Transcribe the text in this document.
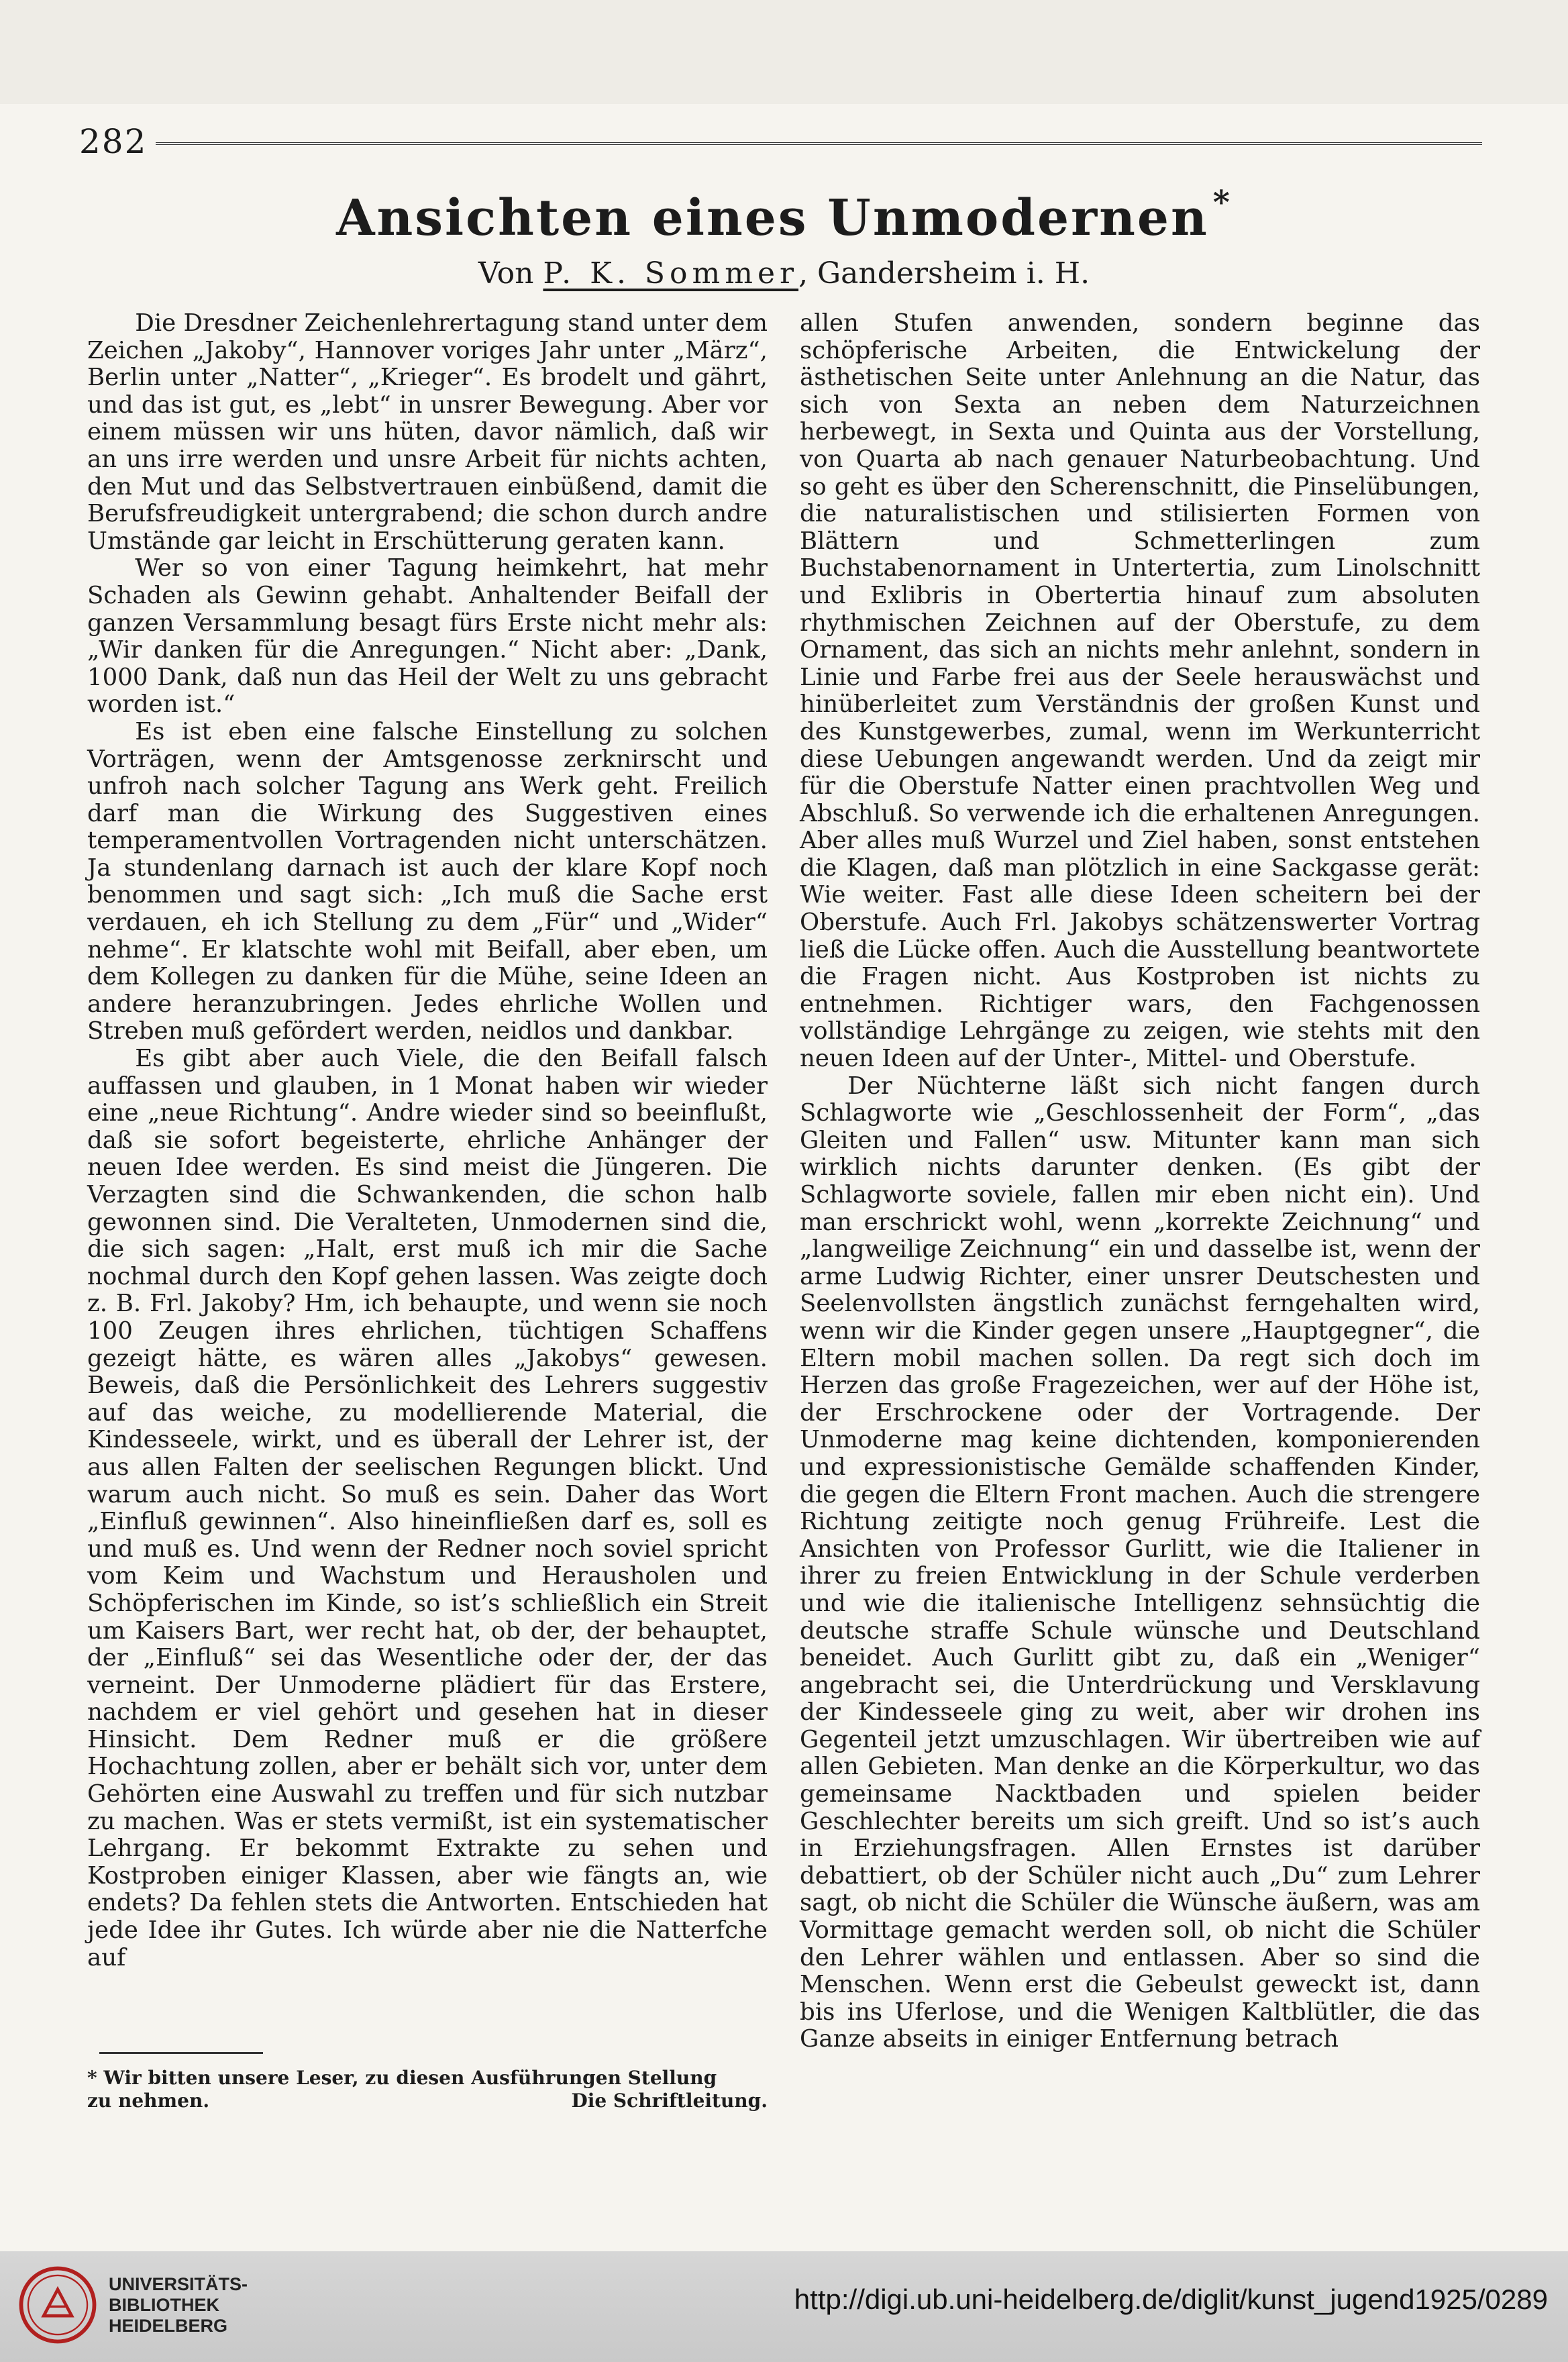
282
Ansichten eines Unmodernen *
Von P. K. Sommer, Gandersheim i. H.

Die Dresdner Zeichenlehrertagung stand unter dem Zeichen „Jakoby“, Hannover voriges Jahr unter „März“, Berlin unter „Natter“, „Krieger“. Es brodelt und gährt, und das ist gut, es „lebt“ in unsrer Bewegung. Aber vor einem müssen wir uns hüten, davor nämlich, daß wir an uns irre werden und unsre Arbeit für nichts achten, den Mut und das Selbstvertrauen einbüßend, damit die Berufsfreudigkeit untergrabend; die schon durch andre Umstände gar leicht in Erschütterung geraten kann.

Wer so von einer Tagung heimkehrt, hat mehr Schaden als Gewinn gehabt. Anhaltender Beifall der ganzen Versammlung besagt fürs Erste nicht mehr als: „Wir danken für die Anregungen.“ Nicht aber: „Dank, 1000 Dank, daß nun das Heil der Welt zu uns gebracht worden ist.“

Es ist eben eine falsche Einstellung zu solchen Vorträgen, wenn der Amtsgenosse zerknirscht und unfroh nach solcher Tagung ans Werk geht. Freilich darf man die Wirkung des Suggestiven eines temperamentvollen Vortragenden nicht unterschätzen. Ja stundenlang darnach ist auch der klare Kopf noch benommen und sagt sich: „Ich muß die Sache erst verdauen, eh ich Stellung zu dem „Für“ und „Wider“ nehme“. Er klatschte wohl mit Beifall, aber eben, um dem Kollegen zu danken für die Mühe, seine Ideen an andere heranzubringen. Jedes ehrliche Wollen und Streben muß gefördert werden, neidlos und dankbar.

Es gibt aber auch Viele, die den Beifall falsch auffassen und glauben, in 1 Monat haben wir wieder eine „neue Richtung“. Andre wieder sind so beeinflußt, daß sie sofort begeisterte, ehrliche Anhänger der neuen Idee werden. Es sind meist die Jüngeren. Die Verzagten sind die Schwankenden, die schon halb gewonnen sind. Die Veralteten, Unmodernen sind die, die sich sagen: „Halt, erst muß ich mir die Sache nochmal durch den Kopf gehen lassen. Was zeigte doch z. B. Frl. Jakoby? Hm, ich behaupte, und wenn sie noch 100 Zeugen ihres ehrlichen, tüchtigen Schaffens gezeigt hätte, es wären alles „Jakobys“ gewesen. Beweis, daß die Persönlichkeit des Lehrers suggestiv auf das weiche, zu modellierende Material, die Kindesseele, wirkt, und es überall der Lehrer ist, der aus allen Falten der seelischen Regungen blickt. Und warum auch nicht. So muß es sein. Daher das Wort „Einfluß gewinnen“. Also hineinfließen darf es, soll es und muß es. Und wenn der Redner noch soviel spricht vom Keim und Wachstum und Herausholen und Schöpferischen im Kinde, so ist’s schließlich ein Streit um Kaisers Bart, wer recht hat, ob der, der behauptet, der „Einfluß“ sei das Wesentliche oder der, der das verneint. Der Unmoderne plädiert für das Erstere, nachdem er viel gehört und gesehen hat in dieser Hinsicht. Dem Redner muß er die größere Hochachtung zollen, aber er behält sich vor, unter dem Gehörten eine Auswahl zu treffen und für sich nutzbar zu machen. Was er stets vermißt, ist ein systematischer Lehrgang. Er bekommt Extrakte zu sehen und Kostproben einiger Klassen, aber wie fängts an, wie endets? Da fehlen stets die Antworten. Entschieden hat jede Idee ihr Gutes. Ich würde aber nie die Natterfche auf

allen Stufen anwenden, sondern beginne das schöpferische Arbeiten, die Entwickelung der ästhetischen Seite unter Anlehnung an die Natur, das sich von Sexta an neben dem Naturzeichnen herbewegt, in Sexta und Quinta aus der Vorstellung, von Quarta ab nach genauer Naturbeobachtung. Und so geht es über den Scherenschnitt, die Pinselübungen, die naturalistischen und stilisierten Formen von Blättern und Schmetterlingen zum Buchstabenornament in Untertertia, zum Linolschnitt und Exlibris in Obertertia hinauf zum absoluten rhythmischen Zeichnen auf der Oberstufe, zu dem Ornament, das sich an nichts mehr anlehnt, sondern in Linie und Farbe frei aus der Seele herauswächst und hinüberleitet zum Verständnis der großen Kunst und des Kunstgewerbes, zumal, wenn im Werkunterricht diese Uebungen angewandt werden. Und da zeigt mir für die Oberstufe Natter einen prachtvollen Weg und Abschluß. So verwende ich die erhaltenen Anregungen. Aber alles muß Wurzel und Ziel haben, sonst entstehen die Klagen, daß man plötzlich in eine Sackgasse gerät: Wie weiter. Fast alle diese Ideen scheitern bei der Oberstufe. Auch Frl. Jakobys schätzenswerter Vortrag ließ die Lücke offen. Auch die Ausstellung beantwortete die Fragen nicht. Aus Kostproben ist nichts zu entnehmen. Richtiger wars, den Fachgenossen vollständige Lehrgänge zu zeigen, wie stehts mit den neuen Ideen auf der Unter-, Mittel- und Oberstufe.

Der Nüchterne läßt sich nicht fangen durch Schlagworte wie „Geschlossenheit der Form“, „das Gleiten und Fallen“ usw. Mitunter kann man sich wirklich nichts darunter denken. (Es gibt der Schlagworte soviele, fallen mir eben nicht ein). Und man erschrickt wohl, wenn „korrekte Zeichnung“ und „langweilige Zeichnung“ ein und dasselbe ist, wenn der arme Ludwig Richter, einer unsrer Deutschesten und Seelenvollsten ängstlich zunächst ferngehalten wird, wenn wir die Kinder gegen unsere „Hauptgegner“, die Eltern mobil machen sollen. Da regt sich doch im Herzen das große Fragezeichen, wer auf der Höhe ist, der Erschrockene oder der Vortragende. Der Unmoderne mag keine dichtenden, komponierenden und expressionistische Gemälde schaffenden Kinder, die gegen die Eltern Front machen. Auch die strengere Richtung zeitigte noch genug Frühreife. Lest die Ansichten von Professor Gurlitt, wie die Italiener in ihrer zu freien Entwicklung in der Schule verderben und wie die italienische Intelligenz sehnsüchtig die deutsche straffe Schule wünsche und Deutschland beneidet. Auch Gurlitt gibt zu, daß ein „Weniger“ angebracht sei, die Unterdrückung und Versklavung der Kindesseele ging zu weit, aber wir drohen ins Gegenteil jetzt umzuschlagen. Wir übertreiben wie auf allen Gebieten. Man denke an die Körperkultur, wo das gemeinsame Nacktbaden und spielen beider Geschlechter bereits um sich greift. Und so ist’s auch in Erziehungsfragen. Allen Ernstes ist darüber debattiert, ob der Schüler nicht auch „Du“ zum Lehrer sagt, ob nicht die Schüler die Wünsche äußern, was am Vormittage gemacht werden soll, ob nicht die Schüler den Lehrer wählen und entlassen. Aber so sind die Menschen. Wenn erst die Gebeulst geweckt ist, dann bis ins Uferlose, und die Wenigen Kaltblütler, die das Ganze abseits in einiger Entfernung betrach

* Wir bitten unsere Leser, zu diesen Ausführungen Stellung
zu nehmen.	Die Schriftleitung.
UNIVERSITÄTS-
BIBLIOTHEK
HEIDELBERG
http://digi.ub.uni-heidelberg.de/diglit/kunst_jugend1925/0289
